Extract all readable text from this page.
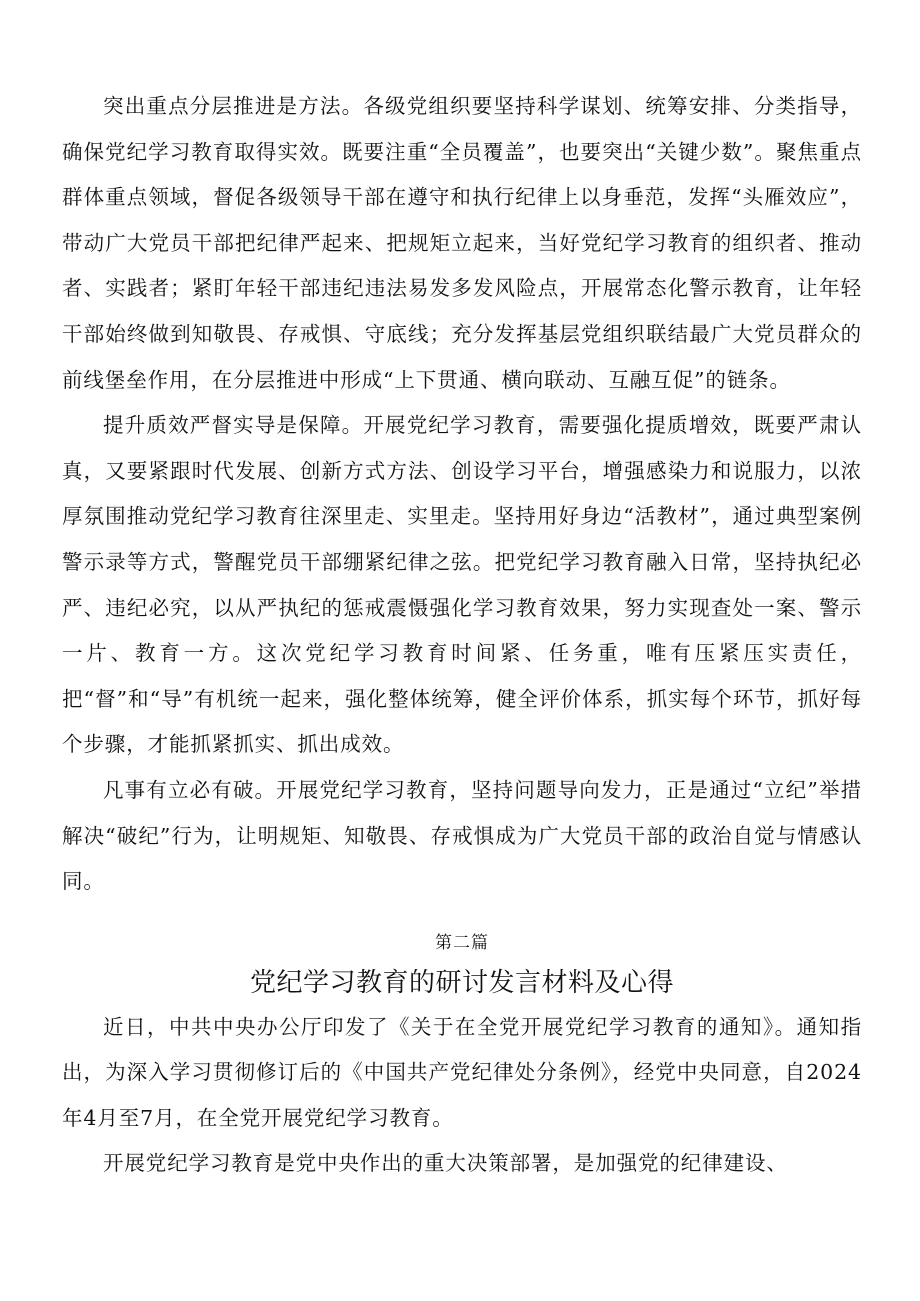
突出重点分层推进是方法。各级党组织要坚持科学谋划、统筹安排、分类指导，确保党纪学习教育取得实效。既要注重“全员覆盖”，也要突出“关键少数”。聚焦重点群体重点领域，督促各级领导干部在遵守和执行纪律上以身垂范，发挥“头雁效应”，带动广大党员干部把纪律严起来、把规矩立起来，当好党纪学习教育的组织者、推动者、实践者；紧盯年轻干部违纪违法易发多发风险点，开展常态化警示教育，让年轻干部始终做到知敬畏、存戒惧、守底线；充分发挥基层党组织联结最广大党员群众的前线堡垒作用，在分层推进中形成“上下贯通、横向联动、互融互促”的链条。

提升质效严督实导是保障。开展党纪学习教育，需要强化提质增效，既要严肃认真，又要紧跟时代发展、创新方式方法、创设学习平台，增强感染力和说服力，以浓厚氛围推动党纪学习教育往深里走、实里走。坚持用好身边“活教材”，通过典型案例警示录等方式，警醒党员干部绷紧纪律之弦。把党纪学习教育融入日常，坚持执纪必严、违纪必究，以从严执纪的惩戒震慑强化学习教育效果，努力实现查处一案、警示一片、教育一方。这次党纪学习教育时间紧、任务重，唯有压紧压实责任，把“督”和“导”有机统一起来，强化整体统筹，健全评价体系，抓实每个环节，抓好每个步骤，才能抓紧抓实、抓出成效。

凡事有立必有破。开展党纪学习教育，坚持问题导向发力，正是通过“立纪”举措解决“破纪”行为，让明规矩、知敬畏、存戒惧成为广大党员干部的政治自觉与情感认同。

第二篇
党纪学习教育的研讨发言材料及心得

近日，中共中央办公厅印发了《关于在全党开展党纪学习教育的通知》。通知指出，为深入学习贯彻修订后的《中国共产党纪律处分条例》，经党中央同意，自2024年4月至7月，在全党开展党纪学习教育。

开展党纪学习教育是党中央作出的重大决策部署，是加强党的纪律建设、
